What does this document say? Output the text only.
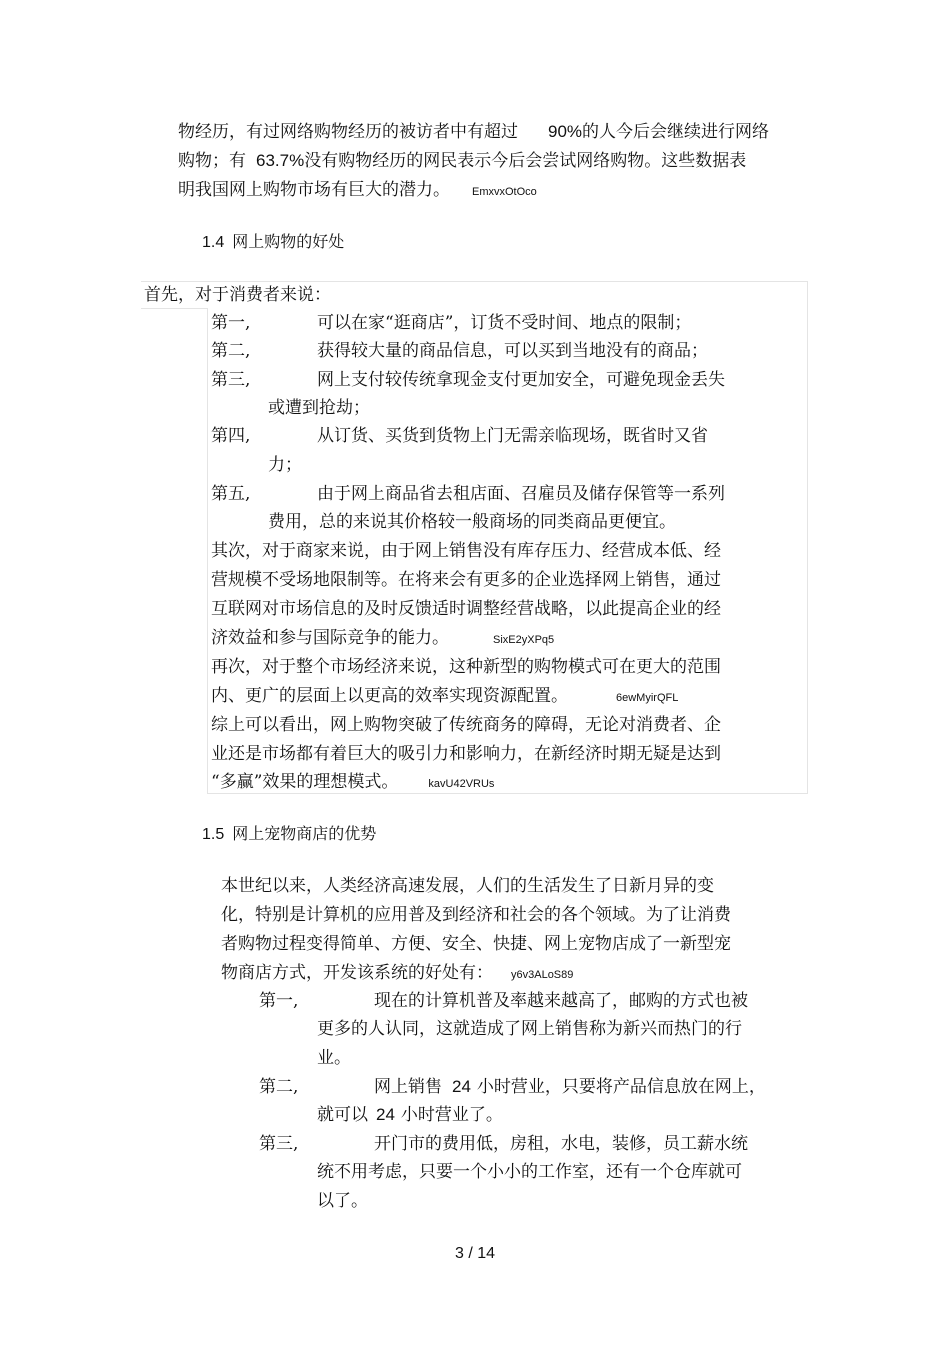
物经历，有过网络购物经历的被访者中有超过 90%的人今后会继续进行网络
购物；有 63.7%没有购物经历的网民表示今后会尝试网络购物。这些数据表
明我国网上购物市场有巨大的潜力。 EmxvxOtOco
1.4 网上购物的好处
首先，对于消费者来说：
第一,	可以在家“逛商店”，订货不受时间、地点的限制；
第二,	获得较大量的商品信息，可以买到当地没有的商品；
第三,	网上支付较传统拿现金支付更加安全，可避免现金丢失
或遭到抢劫；
第四,	从订货、买货到货物上门无需亲临现场，既省时又省
力；
第五,	由于网上商品省去租店面、召雇员及储存保管等一系列
费用，总的来说其价格较一般商场的同类商品更便宜。
其次，对于商家来说，由于网上销售没有库存压力、经营成本低、经
营规模不受场地限制等。在将来会有更多的企业选择网上销售，通过
互联网对市场信息的及时反馈适时调整经营战略，以此提高企业的经
济效益和参与国际竞争的能力。	SixE2yXPq5
再次，对于整个市场经济来说，这种新型的购物模式可在更大的范围
内、更广的层面上以更高的效率实现资源配置。	6ewMyirQFL
综上可以看出，网上购物突破了传统商务的障碍，无论对消费者、企
业还是市场都有着巨大的吸引力和影响力，在新经济时期无疑是达到
“多赢”效果的理想模式。	kavU42VRUs
1.5 网上宠物商店的优势
本世纪以来，人类经济高速发展，人们的生活发生了日新月异的变
化，特别是计算机的应用普及到经济和社会的各个领域。为了让消费
者购物过程变得简单、方便、安全、快捷、网上宠物店成了一新型宠
物商店方式，开发该系统的好处有： y6v3ALoS89
第一,	现在的计算机普及率越来越高了，邮购的方式也被
更多的人认同，这就造成了网上销售称为新兴而热门的行
业。
第二,	网上销售 24 小时营业，只要将产品信息放在网上，
就可以 24 小时营业了。
第三,	开门市的费用低，房租，水电，装修，员工薪水统
统不用考虑，只要一个小小的工作室，还有一个仓库就可
以了。
3 / 14
